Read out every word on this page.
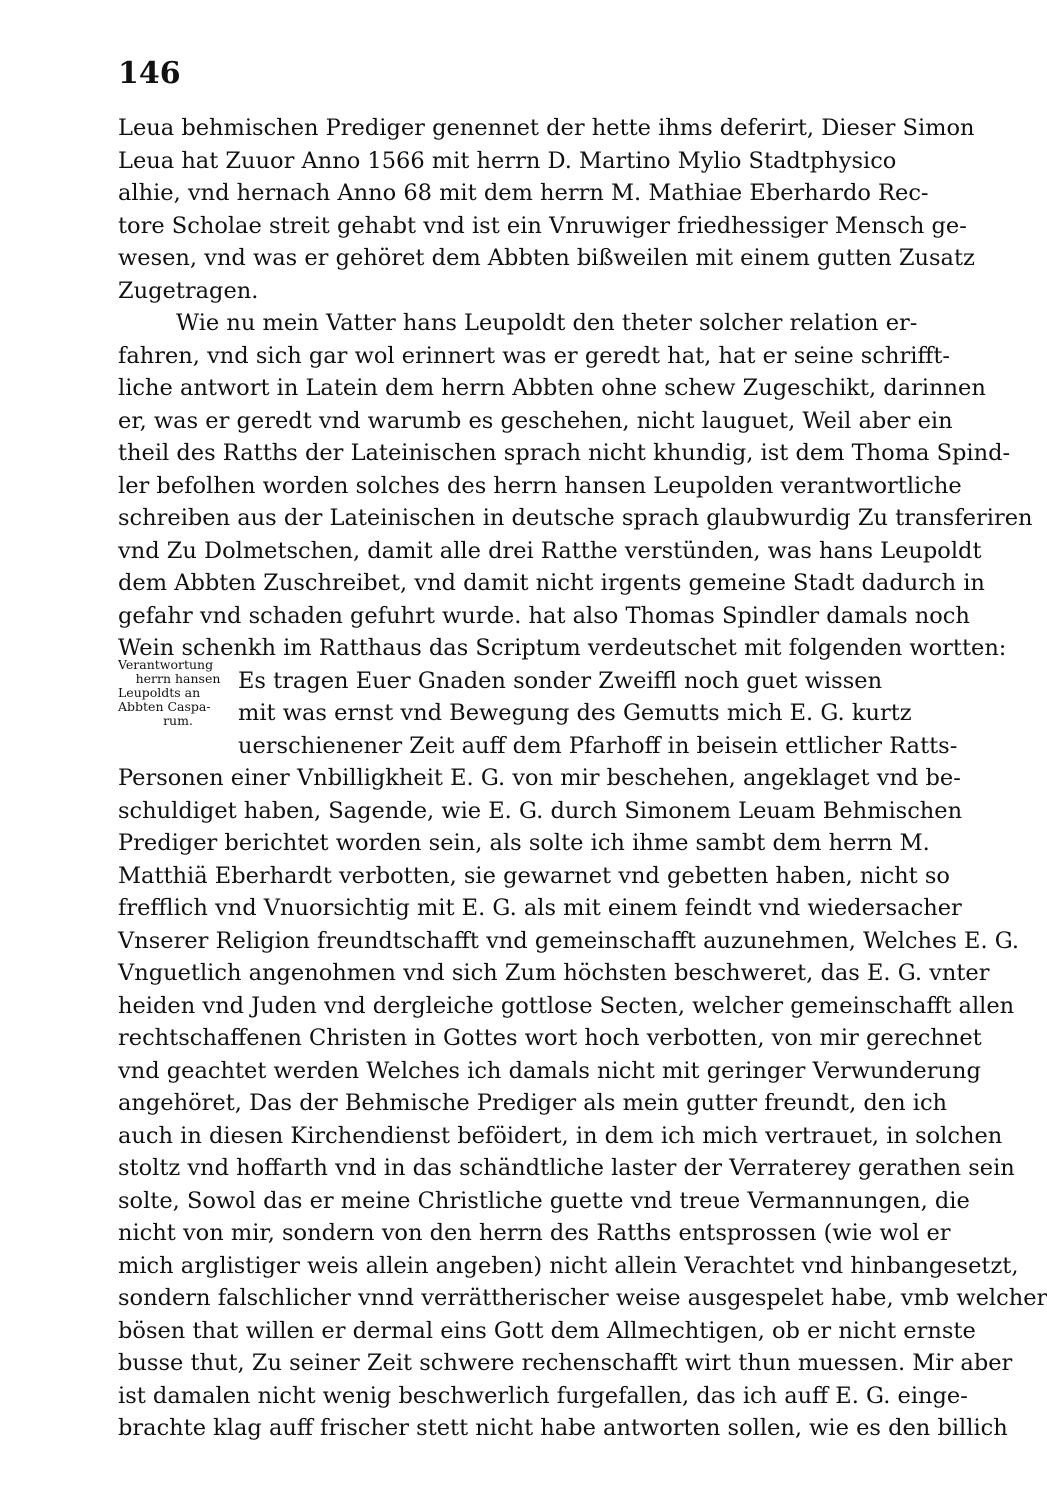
146
Verantwortung
herrn hansen
Leupoldts an
Abbten Caspa-
rum.
Leua behmischen Prediger genennet der hette ihms deferirt, Dieser Simon
Leua hat Zuuor Anno 1566 mit herrn D. Martino Mylio Stadtphysico
alhie, vnd hernach Anno 68 mit dem herrn M. Mathiae Eberhardo Rec-
tore Scholae streit gehabt vnd ist ein Vnruwiger friedhessiger Mensch ge-
wesen, vnd was er gehöret dem Abbten bißweilen mit einem gutten Zusatz
Zugetragen.
Wie nu mein Vatter hans Leupoldt den theter solcher relation er-
fahren, vnd sich gar wol erinnert was er geredt hat, hat er seine schrifft-
liche antwort in Latein dem herrn Abbten ohne schew Zugeschikt, darinnen
er, was er geredt vnd warumb es geschehen, nicht lauguet, Weil aber ein
theil des Ratths der Lateinischen sprach nicht khundig, ist dem Thoma Spind-
ler befolhen worden solches des herrn hansen Leupolden verantwortliche
schreiben aus der Lateinischen in deutsche sprach glaubwurdig Zu transferiren
vnd Zu Dolmetschen, damit alle drei Ratthe verstünden, was hans Leupoldt
dem Abbten Zuschreibet, vnd damit nicht irgents gemeine Stadt dadurch in
gefahr vnd schaden gefuhrt wurde. hat also Thomas Spindler damals noch
Wein schenkh im Ratthaus das Scriptum verdeutschet mit folgenden wortten:
Es tragen Euer Gnaden sonder Zweiffl noch guet wissen
mit was ernst vnd Bewegung des Gemutts mich E. G. kurtz
uerschienener Zeit auff dem Pfarhoff in beisein ettlicher Ratts-
Personen einer Vnbilligkheit E. G. von mir beschehen, angeklaget vnd be-
schuldiget haben, Sagende, wie E. G. durch Simonem Leuam Behmischen
Prediger berichtet worden sein, als solte ich ihme sambt dem herrn M.
Matthiä Eberhardt verbotten, sie gewarnet vnd gebetten haben, nicht so
frefflich vnd Vnuorsichtig mit E. G. als mit einem feindt vnd wiedersacher
Vnserer Religion freundtschafft vnd gemeinschafft auzunehmen, Welches E. G.
Vnguetlich angenohmen vnd sich Zum höchsten beschweret, das E. G. vnter
heiden vnd Juden vnd dergleiche gottlose Secten, welcher gemeinschafft allen
rechtschaffenen Christen in Gottes wort hoch verbotten, von mir gerechnet
vnd geachtet werden Welches ich damals nicht mit geringer Verwunderung
angehöret, Das der Behmische Prediger als mein gutter freundt, den ich
auch in diesen Kirchendienst beföidert, in dem ich mich vertrauet, in solchen
stoltz vnd hoffarth vnd in das schändtliche laster der Verraterey gerathen sein
solte, Sowol das er meine Christliche guette vnd treue Vermannungen, die
nicht von mir, sondern von den herrn des Ratths entsprossen (wie wol er
mich arglistiger weis allein angeben) nicht allein Verachtet vnd hinbangesetzt,
sondern falschlicher vnnd verrättherischer weise ausgespelet habe, vmb welcher
bösen that willen er dermal eins Gott dem Allmechtigen, ob er nicht ernste
busse thut, Zu seiner Zeit schwere rechenschafft wirt thun muessen. Mir aber
ist damalen nicht wenig beschwerlich furgefallen, das ich auff E. G. einge-
brachte klag auff frischer stett nicht habe antworten sollen, wie es den billich
